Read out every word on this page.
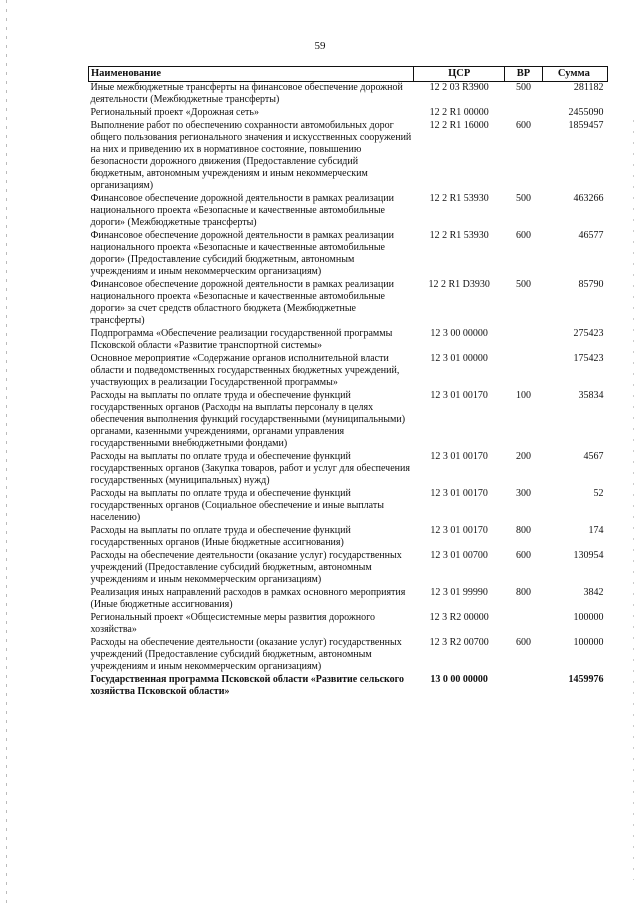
59
Наименование	ЦСР	ВР	Сумма
Иные межбюджетные трансферты на финансовое обеспечение дорожной деятельности (Межбюджетные трансферты)	12 2 03 R3900	500	281182
Региональный проект «Дорожная сеть»	12 2 R1 00000		2455090
Выполнение работ по обеспечению сохранности автомобильных дорог общего пользования регионального значения и искусственных сооружений на них и приведению их в нормативное состояние, повышению безопасности дорожного движения (Предоставление субсидий бюджетным, автономным учреждениям и иным некоммерческим организациям)	12 2 R1 16000	600	1859457
Финансовое обеспечение дорожной деятельности в рамках реализации национального проекта «Безопасные и качественные автомобильные дороги» (Межбюджетные трансферты)	12 2 R1 53930	500	463266
Финансовое обеспечение дорожной деятельности в рамках реализации национального проекта «Безопасные и качественные автомобильные дороги» (Предоставление субсидий бюджетным, автономным учреждениям и иным некоммерческим организациям)	12 2 R1 53930	600	46577
Финансовое обеспечение дорожной деятельности в рамках реализации национального проекта «Безопасные и качественные автомобильные дороги» за счет средств областного бюджета (Межбюджетные трансферты)	12 2 R1 D3930	500	85790
Подпрограмма «Обеспечение реализации государственной программы Псковской области «Развитие транспортной системы»	12 3 00 00000		275423
Основное мероприятие «Содержание органов исполнительной власти области и подведомственных государственных бюджетных учреждений, участвующих в реализации Государственной программы»	12 3 01 00000		175423
Расходы на выплаты по оплате труда и обеспечение функций государственных органов (Расходы на выплаты персоналу в целях обеспечения выполнения функций государственными (муниципальными) органами, казенными учреждениями, органами управления государственными внебюджетными фондами)	12 3 01 00170	100	35834
Расходы на выплаты по оплате труда и обеспечение функций государственных органов (Закупка товаров, работ и услуг для обеспечения государственных (муниципальных) нужд)	12 3 01 00170	200	4567
Расходы на выплаты по оплате труда и обеспечение функций государственных органов (Социальное обеспечение и иные выплаты населению)	12 3 01 00170	300	52
Расходы на выплаты по оплате труда и обеспечение функций государственных органов (Иные бюджетные ассигнования)	12 3 01 00170	800	174
Расходы на обеспечение деятельности (оказание услуг) государственных учреждений (Предоставление субсидий бюджетным, автономным учреждениям и иным некоммерческим организациям)	12 3 01 00700	600	130954
Реализация иных направлений расходов в рамках основного мероприятия (Иные бюджетные ассигнования)	12 3 01 99990	800	3842
Региональный проект «Общесистемные меры развития дорожного хозяйства»	12 3 R2 00000		100000
Расходы на обеспечение деятельности (оказание услуг) государственных учреждений (Предоставление субсидий бюджетным, автономным учреждениям и иным некоммерческим организациям)	12 3 R2 00700	600	100000
Государственная программа Псковской области «Развитие сельского хозяйства Псковской области»	13 0 00 00000		1459976
